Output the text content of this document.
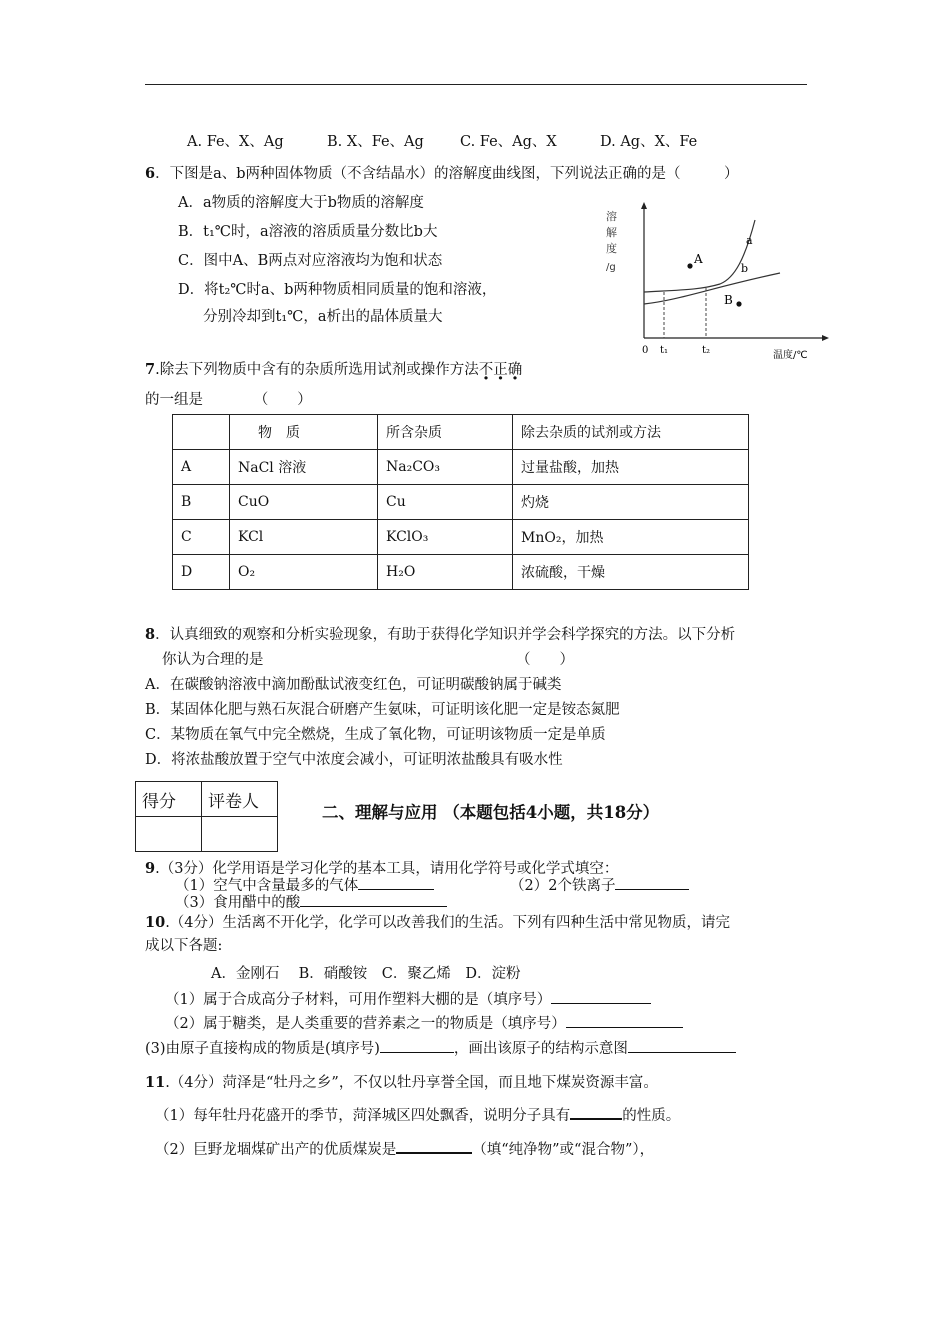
A. Fe、X、Ag	B. X、Fe、Ag C. Fe、Ag、X	D. Ag、X、Fe
6．下图是a、b两种固体物质（不含结晶水）的溶解度曲线图，下列说法正确的是（　　　）
A．a物质的溶解度大于b物质的溶解度
B．t₁℃时，a溶液的溶质质量分数比b大
C．图中A、B两点对应溶液均为饱和状态
D．将t₂℃时a、b两种物质相同质量的饱和溶液，
分别冷却到t₁℃，a析出的晶体质量大
溶
解
度
/g
a
b
A
B
0 t₁	t₂	温度/℃
7.除去下列物质中含有的杂质所选用试剂或操作方法不正确
的一组是　　　　（　　）
	物　质	所含杂质	除去杂质的试剂或方法
A	NaCl 溶液	Na₂CO₃	过量盐酸，加热
B	CuO	Cu	灼烧
C	KCl	KClO₃	MnO₂，加热
D	O₂	H₂O	浓硫酸，干燥
8．认真细致的观察和分析实验现象，有助于获得化学知识并学会科学探究的方法。以下分析
你认为合理的是	（　　）
A．在碳酸钠溶液中滴加酚酞试液变红色，可证明碳酸钠属于碱类
B．某固体化肥与熟石灰混合研磨产生氨味，可证明该化肥一定是铵态氮肥
C．某物质在氧气中完全燃烧，生成了氧化物，可证明该物质一定是单质
D．将浓盐酸放置于空气中浓度会减小，可证明浓盐酸具有吸水性
得分	评卷人

二、理解与应用 （本题包括4小题，共18分）
9.（3分）化学用语是学习化学的基本工具，请用化学符号或化学式填空：
（1）空气中含量最多的气体	（2）2个铁离子
（3）食用醋中的酸
10.（4分）生活离不开化学，化学可以改善我们的生活。下列有四种生活中常见物质，请完
成以下各题:
A．金刚石　 B．硝酸铵　C．聚乙烯　D．淀粉
（1）属于合成高分子材料，可用作塑料大棚的是（填序号）
（2）属于糖类，是人类重要的营养素之一的物质是（填序号）
(3)由原子直接构成的物质是(填序号)	，画出该原子的结构示意图
11.（4分）菏泽是“牡丹之乡”，不仅以牡丹享誉全国，而且地下煤炭资源丰富。
（1）每年牡丹花盛开的季节，菏泽城区四处飘香，说明分子具有	的性质。
（2）巨野龙堌煤矿出产的优质煤炭是	（填“纯净物”或“混合物”），
